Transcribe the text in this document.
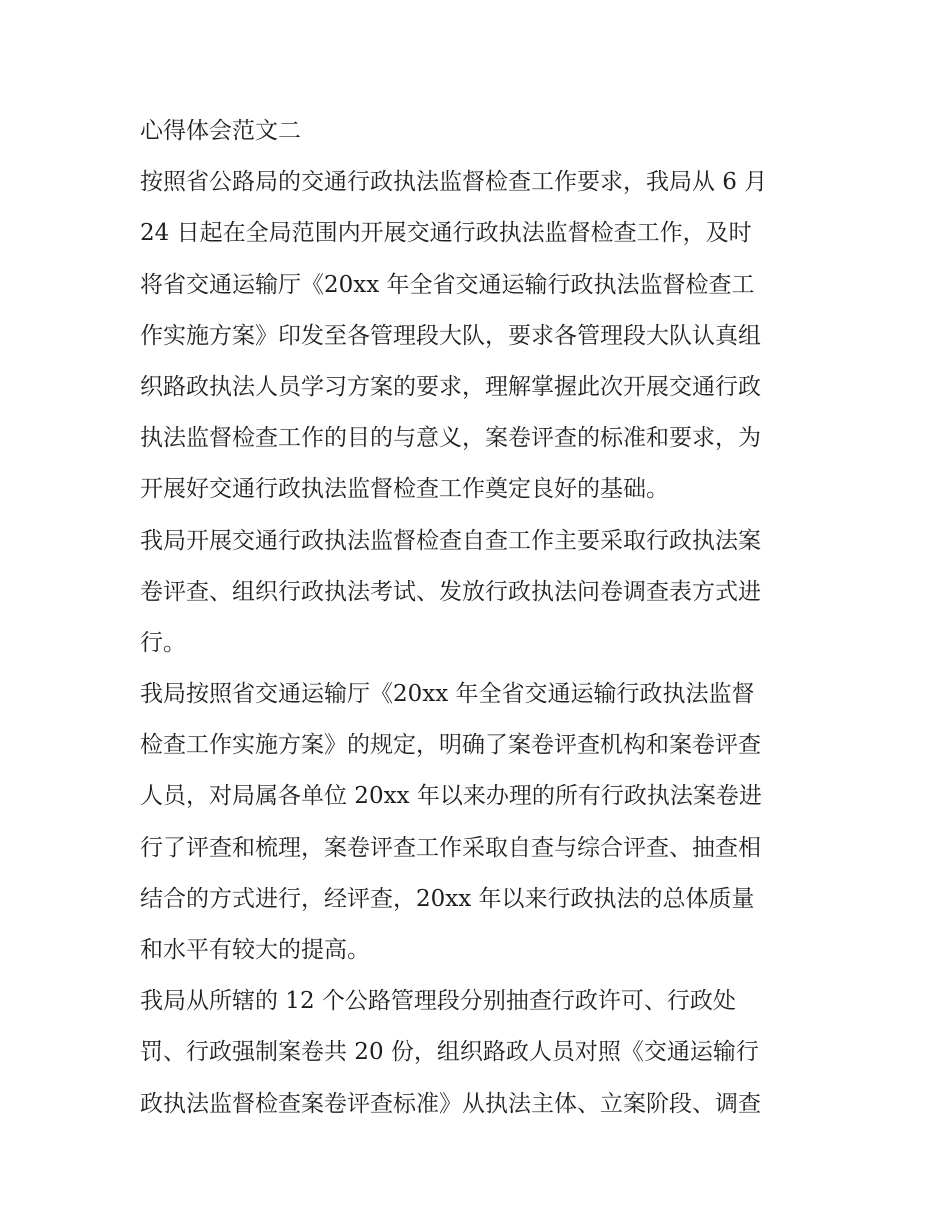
心得体会范文二
按照省公路局的交通行政执法监督检查工作要求，我局从 6 月
24 日起在全局范围内开展交通行政执法监督检查工作，及时
将省交通运输厅《20xx 年全省交通运输行政执法监督检查工
作实施方案》印发至各管理段大队，要求各管理段大队认真组
织路政执法人员学习方案的要求，理解掌握此次开展交通行政
执法监督检查工作的目的与意义，案卷评查的标准和要求，为
开展好交通行政执法监督检查工作奠定良好的基础。
我局开展交通行政执法监督检查自查工作主要采取行政执法案
卷评查、组织行政执法考试、发放行政执法问卷调查表方式进
行。
我局按照省交通运输厅《20xx 年全省交通运输行政执法监督
检查工作实施方案》的规定，明确了案卷评查机构和案卷评查
人员，对局属各单位 20xx 年以来办理的所有行政执法案卷进
行了评查和梳理，案卷评查工作采取自查与综合评查、抽查相
结合的方式进行，经评查，20xx 年以来行政执法的总体质量
和水平有较大的提高。
我局从所辖的 12 个公路管理段分别抽查行政许可、行政处
罚、行政强制案卷共 20 份，组织路政人员对照《交通运输行
政执法监督检查案卷评查标准》从执法主体、立案阶段、调查
